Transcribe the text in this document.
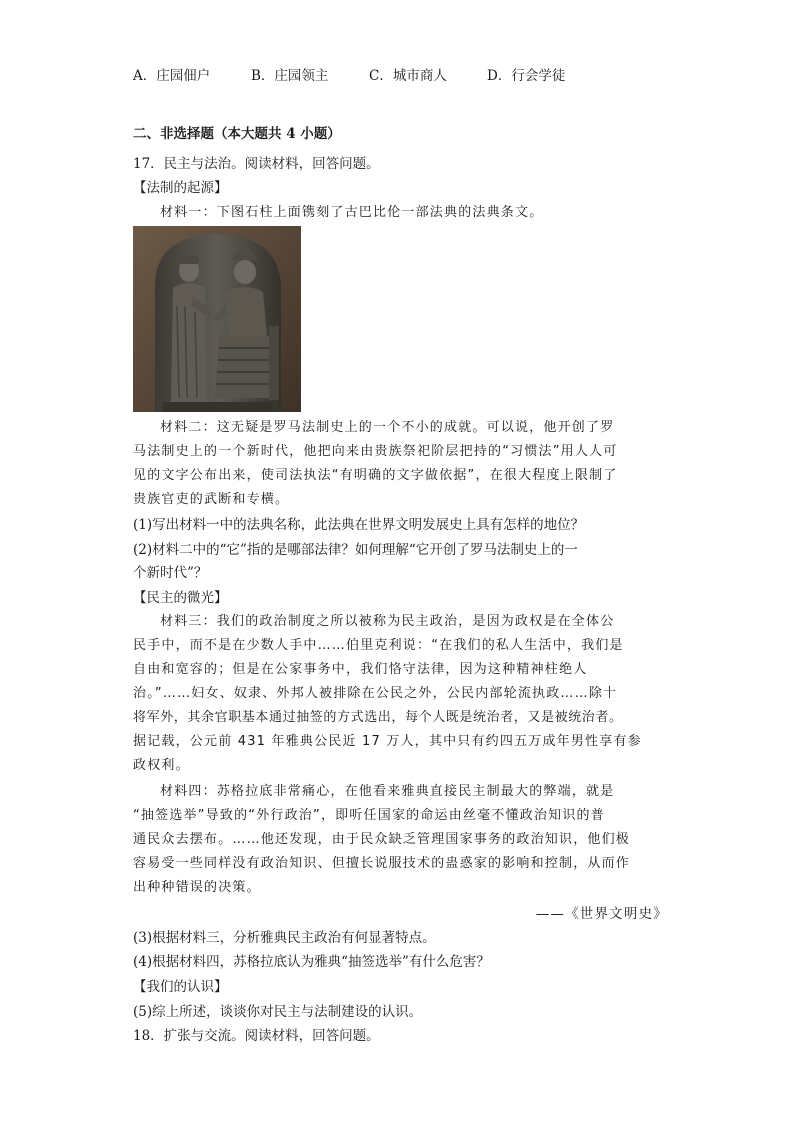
A．庄园佃户	B．庄园领主	C．城市商人	D．行会学徒
二、非选择题（本大题共 4 小题）
17．民主与法治。阅读材料，回答问题。
【法制的起源】
材料一：下图石柱上面镌刻了古巴比伦一部法典的法典条文。
材料二：这无疑是罗马法制史上的一个不小的成就。可以说，他开创了罗
马法制史上的一个新时代，他把向来由贵族祭祀阶层把持的“习惯法”用人人可
见的文字公布出来，使司法执法“有明确的文字做依据”，在很大程度上限制了
贵族官吏的武断和专横。
(1)写出材料一中的法典名称，此法典在世界文明发展史上具有怎样的地位？
(2)材料二中的“它”指的是哪部法律？如何理解“它开创了罗马法制史上的一
个新时代”？
【民主的微光】
材料三：我们的政治制度之所以被称为民主政治，是因为政权是在全体公
民手中，而不是在少数人手中……伯里克利说：“在我们的私人生活中，我们是
自由和宽容的；但是在公家事务中，我们恪守法律，因为这种精神柱绝人
治。”……妇女、奴隶、外邦人被排除在公民之外，公民内部轮流执政……除十
将军外，其余官职基本通过抽签的方式选出，每个人既是统治者，又是被统治者。
据记载，公元前 431 年雅典公民近 17 万人，其中只有约四五万成年男性享有参
政权利。
材料四：苏格拉底非常痛心，在他看来雅典直接民主制最大的弊端，就是
“抽签选举”导致的“外行政治”，即听任国家的命运由丝毫不懂政治知识的普
通民众去摆布。……他还发现，由于民众缺乏管理国家事务的政治知识，他们极
容易受一些同样没有政治知识、但擅长说服技术的蛊惑家的影响和控制，从而作
出种种错误的决策。
——《世界文明史》
(3)根据材料三，分析雅典民主政治有何显著特点。
(4)根据材料四，苏格拉底认为雅典“抽签选举”有什么危害？
【我们的认识】
(5)综上所述，谈谈你对民主与法制建设的认识。
18．扩张与交流。阅读材料，回答问题。
